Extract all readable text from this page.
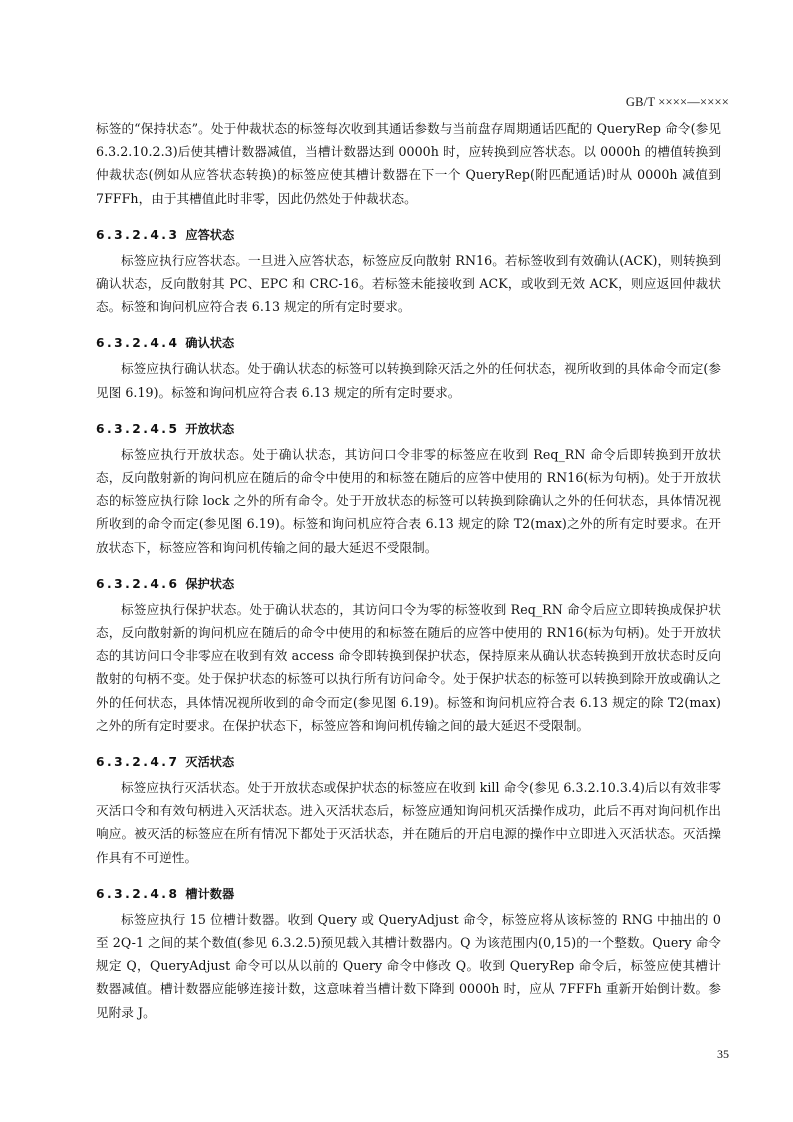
GB/T ××××—××××

标签的“保持状态”。处于仲裁状态的标签每次收到其通话参数与当前盘存周期通话匹配的 QueryRep 命令(参见 6.3.2.10.2.3)后使其槽计数器减值，当槽计数器达到 0000h 时，应转换到应答状态。以 0000h 的槽值转换到仲裁状态(例如从应答状态转换)的标签应使其槽计数器在下一个 QueryRep(附匹配通话)时从 0000h 减值到 7FFFh，由于其槽值此时非零，因此仍然处于仲裁状态。

6.3.2.4.3 应答状态

标签应执行应答状态。一旦进入应答状态，标签应反向散射 RN16。若标签收到有效确认(ACK)，则转换到确认状态，反向散射其 PC、EPC 和 CRC-16。若标签未能接收到 ACK，或收到无效 ACK，则应返回仲裁状态。标签和询问机应符合表 6.13 规定的所有定时要求。

6.3.2.4.4 确认状态

标签应执行确认状态。处于确认状态的标签可以转换到除灭活之外的任何状态，视所收到的具体命令而定(参见图 6.19)。标签和询问机应符合表 6.13 规定的所有定时要求。

6.3.2.4.5 开放状态

标签应执行开放状态。处于确认状态，其访问口令非零的标签应在收到 Req_RN 命令后即转换到开放状态，反向散射新的询问机应在随后的命令中使用的和标签在随后的应答中使用的 RN16(标为句柄)。处于开放状态的标签应执行除 lock 之外的所有命令。处于开放状态的标签可以转换到除确认之外的任何状态，具体情况视所收到的命令而定(参见图 6.19)。标签和询问机应符合表 6.13 规定的除 T2(max)之外的所有定时要求。在开放状态下，标签应答和询问机传输之间的最大延迟不受限制。

6.3.2.4.6 保护状态

标签应执行保护状态。处于确认状态的，其访问口令为零的标签收到 Req_RN 命令后应立即转换成保护状态，反向散射新的询问机应在随后的命令中使用的和标签在随后的应答中使用的 RN16(标为句柄)。处于开放状态的其访问口令非零应在收到有效 access 命令即转换到保护状态，保持原来从确认状态转换到开放状态时反向散射的句柄不变。处于保护状态的标签可以执行所有访问命令。处于保护状态的标签可以转换到除开放或确认之外的任何状态，具体情况视所收到的命令而定(参见图 6.19)。标签和询问机应符合表 6.13 规定的除 T2(max)之外的所有定时要求。在保护状态下，标签应答和询问机传输之间的最大延迟不受限制。

6.3.2.4.7 灭活状态

标签应执行灭活状态。处于开放状态或保护状态的标签应在收到 kill 命令(参见 6.3.2.10.3.4)后以有效非零灭活口令和有效句柄进入灭活状态。进入灭活状态后，标签应通知询问机灭活操作成功，此后不再对询问机作出响应。被灭活的标签应在所有情况下都处于灭活状态，并在随后的开启电源的操作中立即进入灭活状态。灭活操作具有不可逆性。

6.3.2.4.8 槽计数器

标签应执行 15 位槽计数器。收到 Query 或 QueryAdjust 命令，标签应将从该标签的 RNG 中抽出的 0 至 2Q-1 之间的某个数值(参见 6.3.2.5)预见载入其槽计数器内。Q 为该范围内(0,15)的一个整数。Query 命令规定 Q，QueryAdjust 命令可以从以前的 Query 命令中修改 Q。收到 QueryRep 命令后，标签应使其槽计数器减值。槽计数器应能够连接计数，这意味着当槽计数下降到 0000h 时，应从 7FFFh 重新开始倒计数。参见附录 J。

35
